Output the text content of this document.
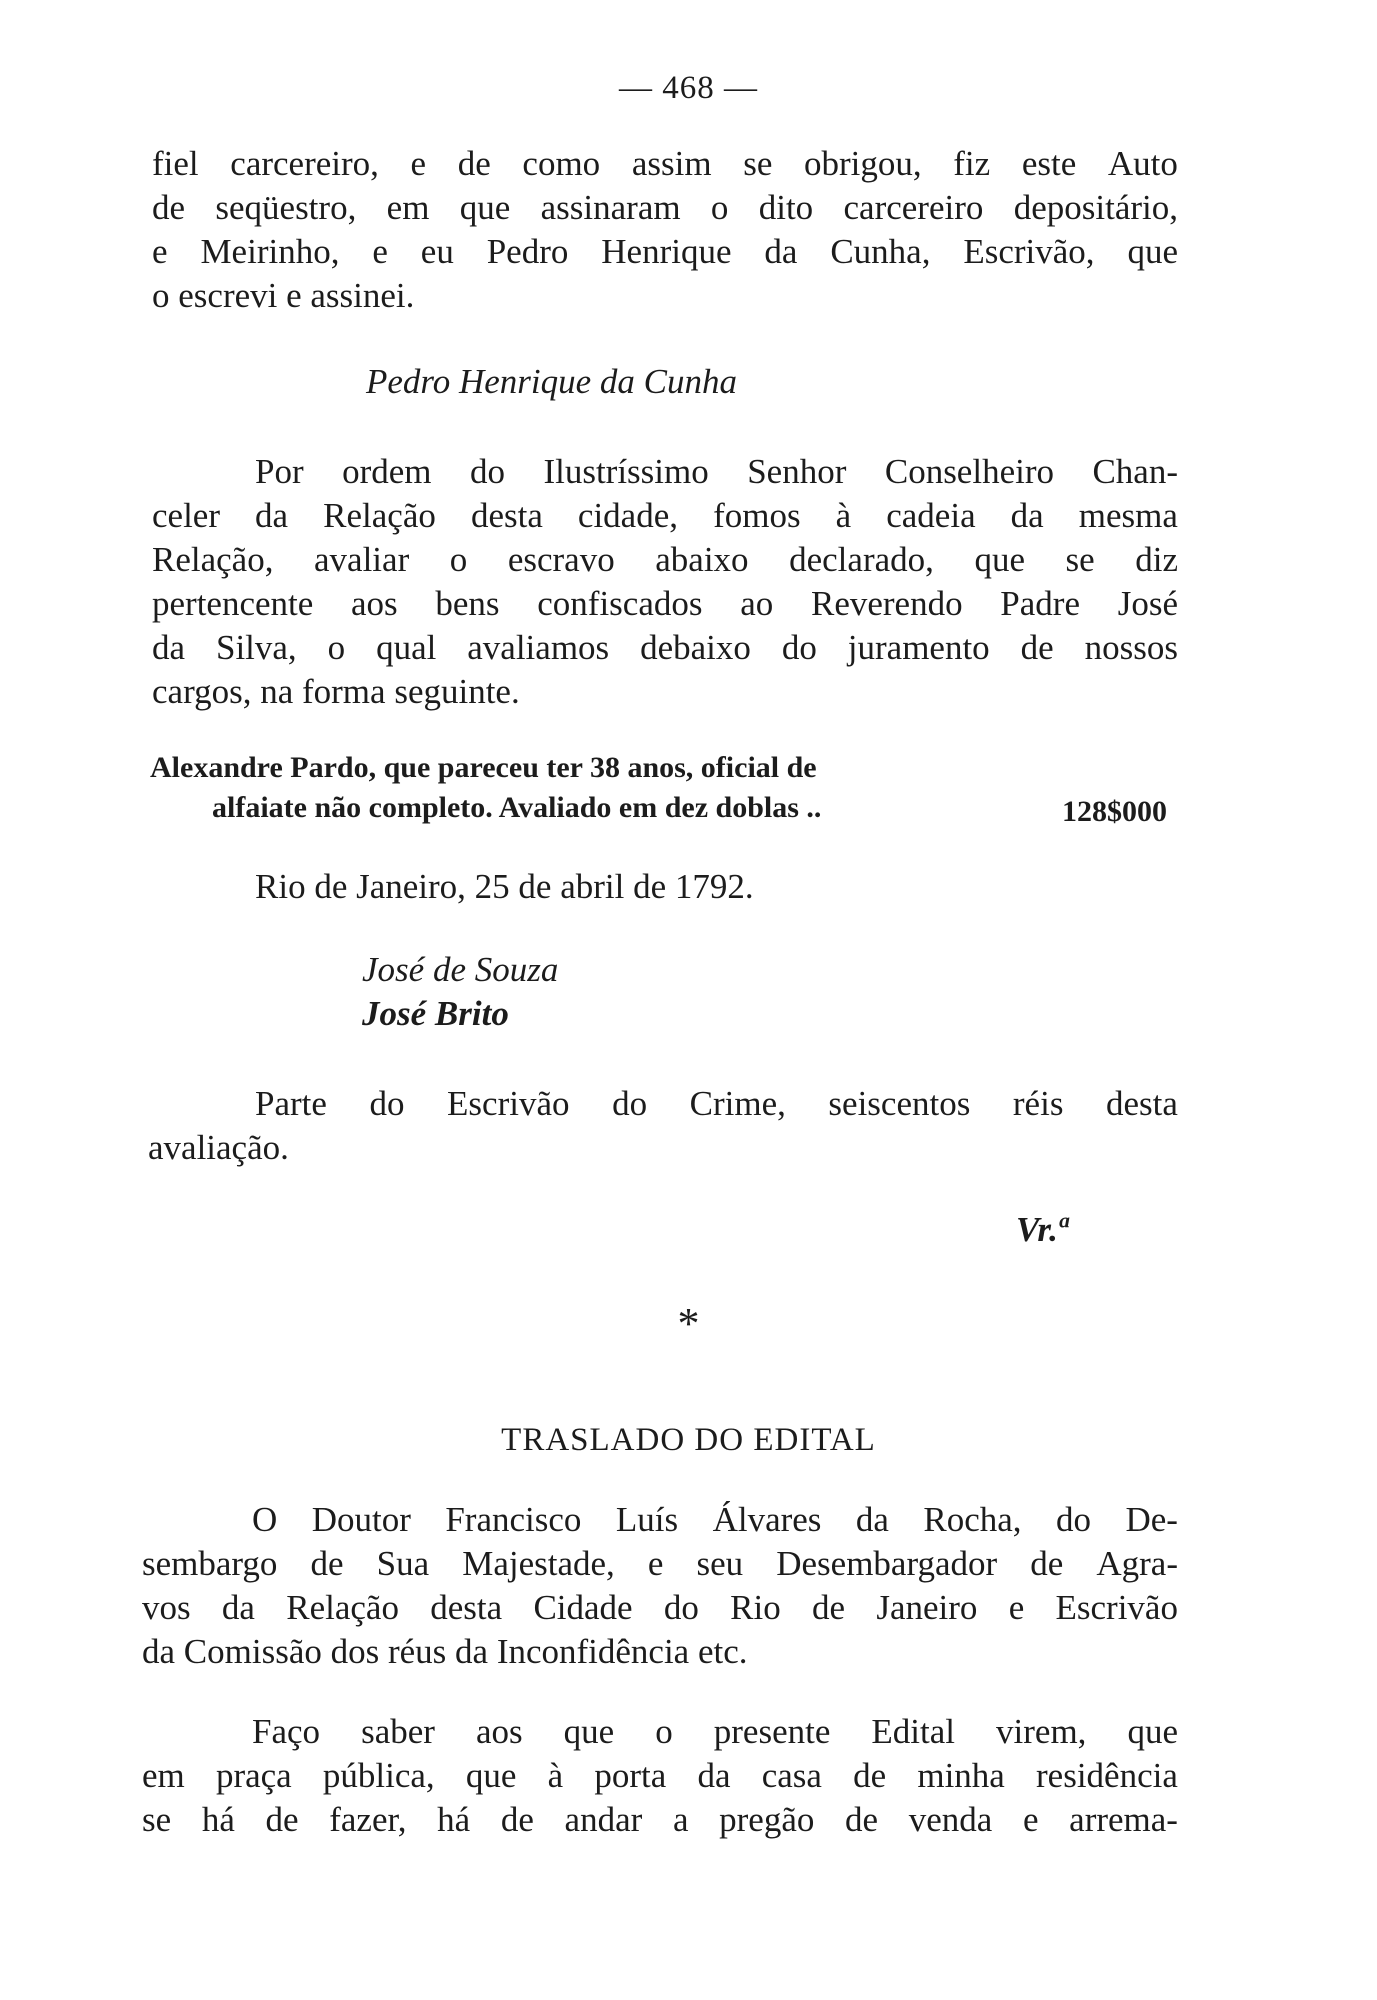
— 468 —
fiel carcereiro, e de como assim se obrigou, fiz este Auto
de seqüestro, em que assinaram o dito carcereiro depositário,
e Meirinho, e eu Pedro Henrique da Cunha, Escrivão, que
o escrevi e assinei.
Pedro Henrique da Cunha
Por ordem do Ilustríssimo Senhor Conselheiro Chan-
celer da Relação desta cidade, fomos à cadeia da mesma
Relação, avaliar o escravo abaixo declarado, que se diz
pertencente aos bens confiscados ao Reverendo Padre José
da Silva, o qual avaliamos debaixo do juramento de nossos
cargos, na forma seguinte.
Alexandre Pardo, que pareceu ter 38 anos, oficial de
alfaiate não completo. Avaliado em dez doblas ..	128$000
Rio de Janeiro, 25 de abril de 1792.
José de Souza
José Brito
Parte do Escrivão do Crime, seiscentos réis desta
avaliação.
Vr.ª
*
TRASLADO DO EDITAL
O Doutor Francisco Luís Álvares da Rocha, do De-
sembargo de Sua Majestade, e seu Desembargador de Agra-
vos da Relação desta Cidade do Rio de Janeiro e Escrivão
da Comissão dos réus da Inconfidência etc.
Faço saber aos que o presente Edital virem, que
em praça pública, que à porta da casa de minha residência
se há de fazer, há de andar a pregão de venda e arrema-
